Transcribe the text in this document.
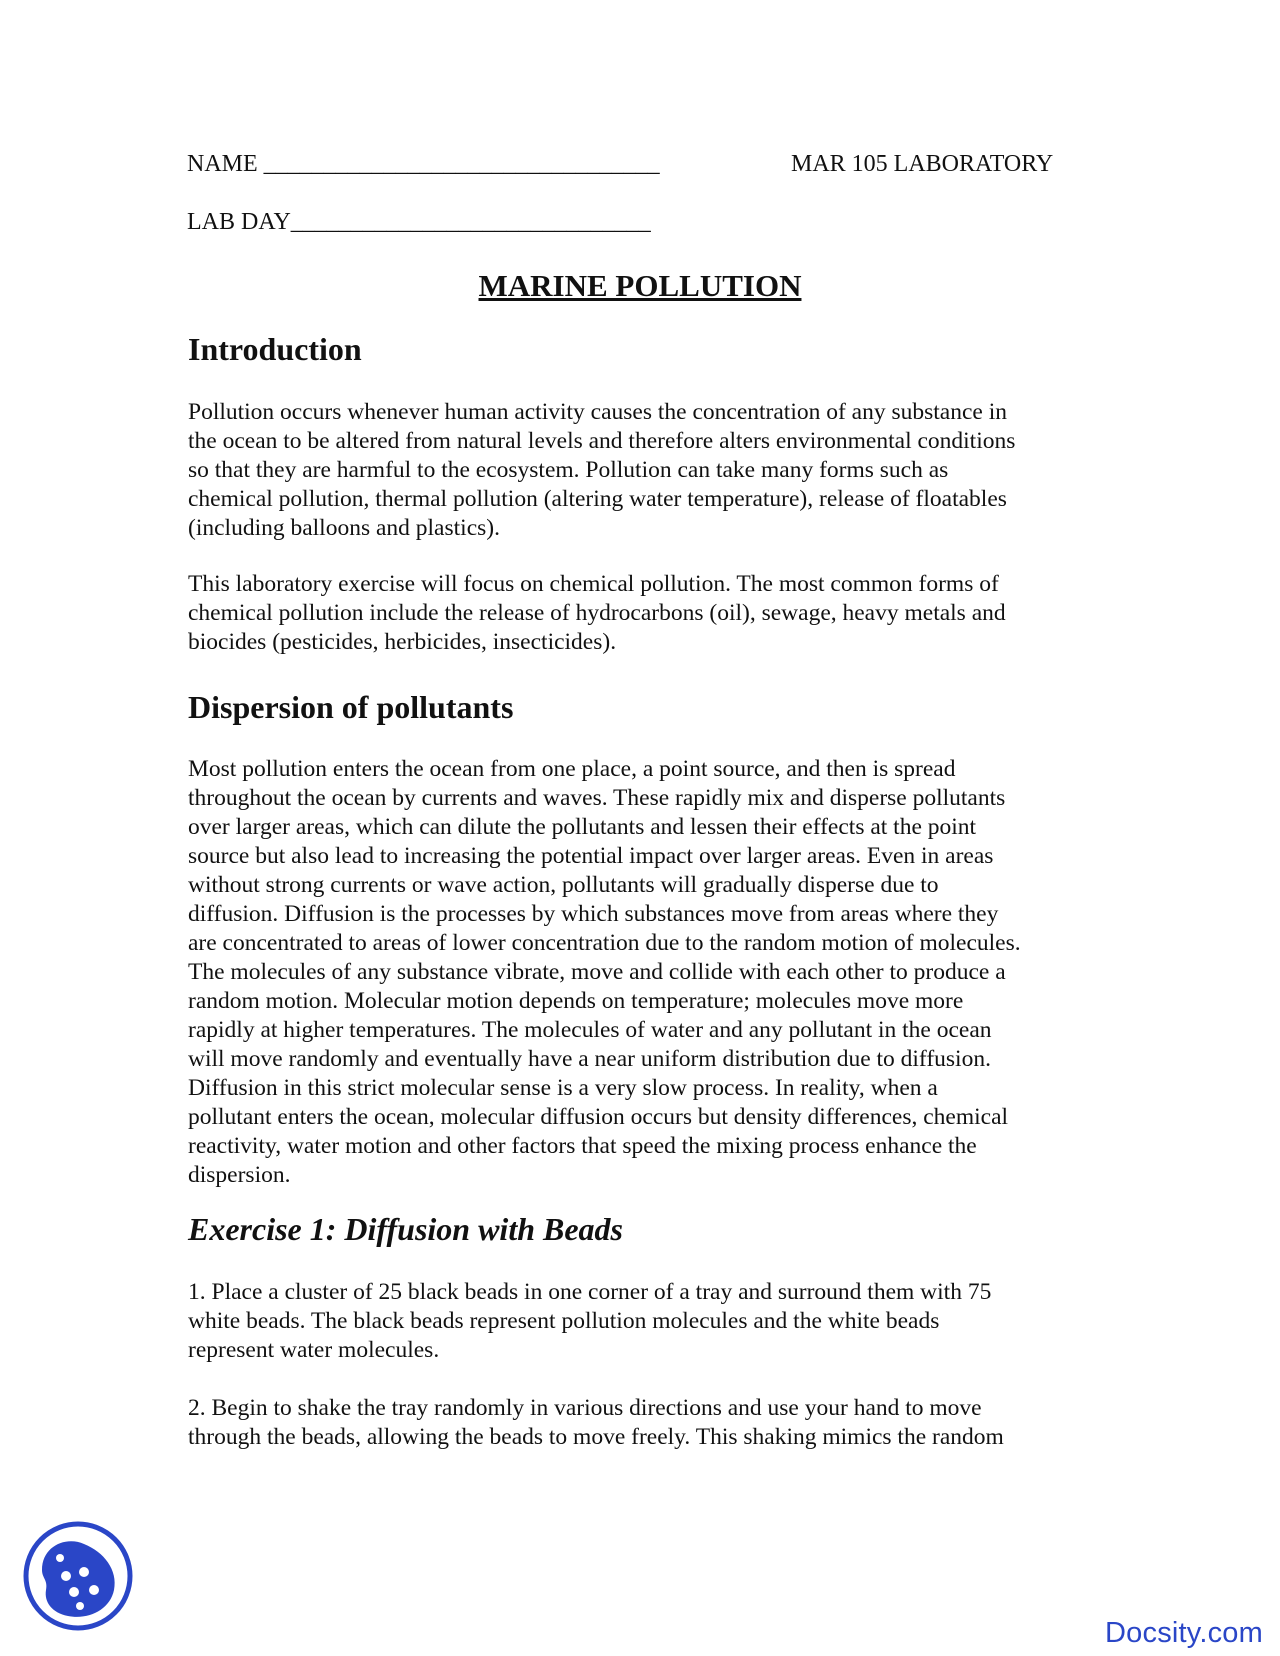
NAME _________________________________	MAR 105 LABORATORY
LAB DAY______________________________
MARINE POLLUTION
Introduction

Pollution occurs whenever human activity causes the concentration of any substance in
the ocean to be altered from natural levels and therefore alters environmental conditions
so that they are harmful to the ecosystem. Pollution can take many forms such as
chemical pollution, thermal pollution (altering water temperature), release of floatables
(including balloons and plastics).

This laboratory exercise will focus on chemical pollution. The most common forms of
chemical pollution include the release of hydrocarbons (oil), sewage, heavy metals and
biocides (pesticides, herbicides, insecticides).

Dispersion of pollutants

Most pollution enters the ocean from one place, a point source, and then is spread
throughout the ocean by currents and waves. These rapidly mix and disperse pollutants
over larger areas, which can dilute the pollutants and lessen their effects at the point
source but also lead to increasing the potential impact over larger areas. Even in areas
without strong currents or wave action, pollutants will gradually disperse due to
diffusion. Diffusion is the processes by which substances move from areas where they
are concentrated to areas of lower concentration due to the random motion of molecules.
The molecules of any substance vibrate, move and collide with each other to produce a
random motion. Molecular motion depends on temperature; molecules move more
rapidly at higher temperatures. The molecules of water and any pollutant in the ocean
will move randomly and eventually have a near uniform distribution due to diffusion.
Diffusion in this strict molecular sense is a very slow process. In reality, when a
pollutant enters the ocean, molecular diffusion occurs but density differences, chemical
reactivity, water motion and other factors that speed the mixing process enhance the
dispersion.

Exercise 1: Diffusion with Beads

1. Place a cluster of 25 black beads in one corner of a tray and surround them with 75
white beads. The black beads represent pollution molecules and the white beads
represent water molecules.

2. Begin to shake the tray randomly in various directions and use your hand to move
through the beads, allowing the beads to move freely. This shaking mimics the random

Docsity.com
